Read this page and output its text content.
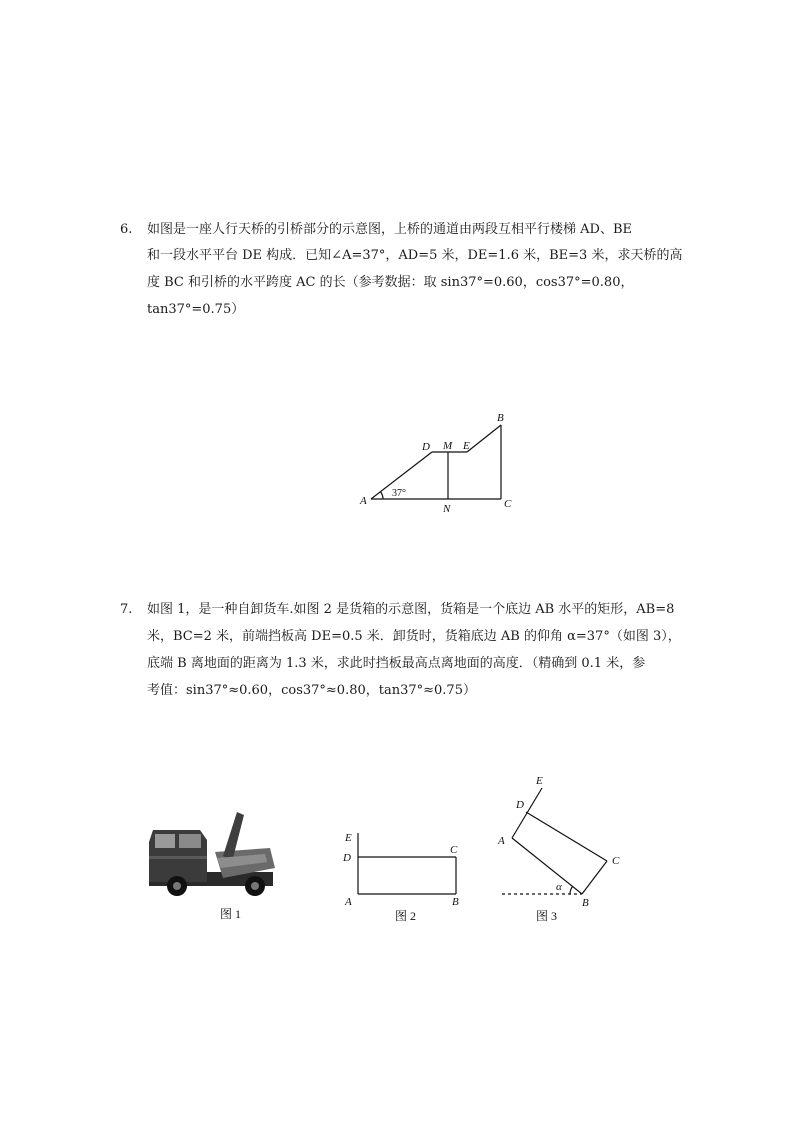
6. 如图是一座人行天桥的引桥部分的示意图，上桥的通道由两段互相平行楼梯 AD、BE
和一段水平平台 DE 构成．已知∠A=37°，AD=5 米，DE=1.6 米，BE=3 米，求天桥的高
度 BC 和引桥的水平跨度 AC 的长（参考数据：取 sin37°=0.60，cos37°=0.80，
tan37°=0.75）
A
B
C
D	E
M
N
37°
7. 如图 1，是一种自卸货车.如图 2 是货箱的示意图，货箱是一个底边 AB 水平的矩形，AB=8
米，BC=2 米，前端挡板高 DE=0.5 米．卸货时，货箱底边 AB 的仰角 α=37°（如图 3），
底端 B 离地面的距离为 1.3 米，求此时挡板最高点离地面的高度．（精确到 0.1 米，参
考值：sin37°≈0.60，cos37°≈0.80，tan37°≈0.75）
图 1
E
D
C
A	B
图 2
E
D
A
C
B
α
图 3
